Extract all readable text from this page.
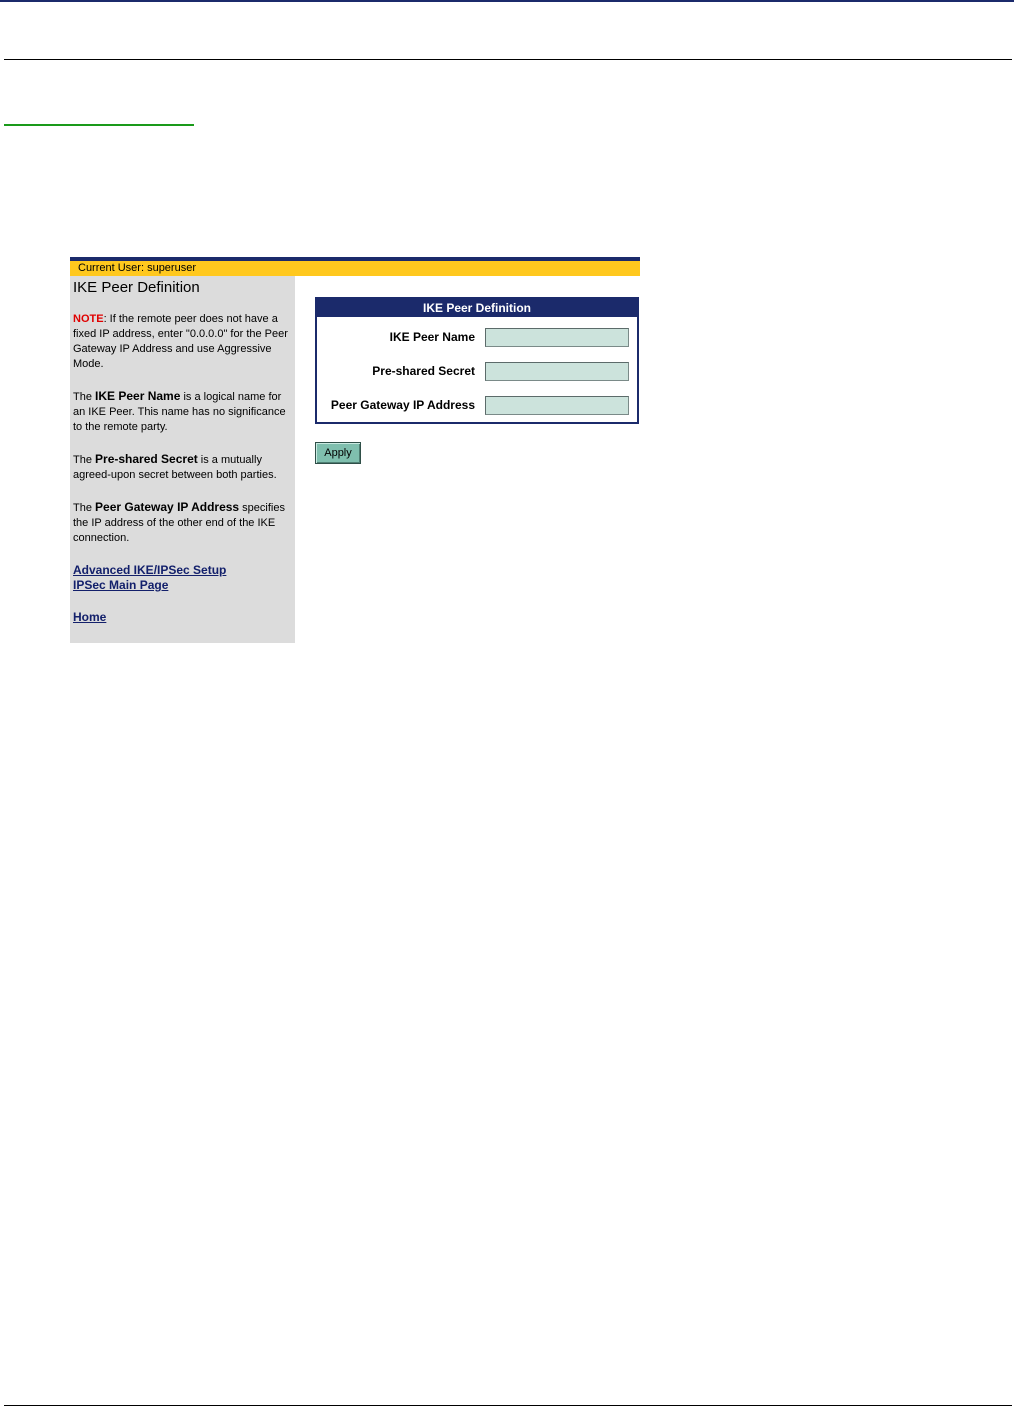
Current User: superuser
IKE Peer Definition

NOTE: If the remote peer does not have a fixed IP address, enter "0.0.0.0" for the Peer Gateway IP Address and use Aggressive Mode.

The IKE Peer Name is a logical name for an IKE Peer. This name has no significance to the remote party.

The Pre-shared Secret is a mutually agreed-upon secret between both parties.

The Peer Gateway IP Address specifies the IP address of the other end of the IKE connection.

Advanced IKE/IPSec Setup
IPSec Main Page
Home
IKE Peer Definition
IKE Peer Name
Pre-shared Secret
Peer Gateway IP Address
Apply
